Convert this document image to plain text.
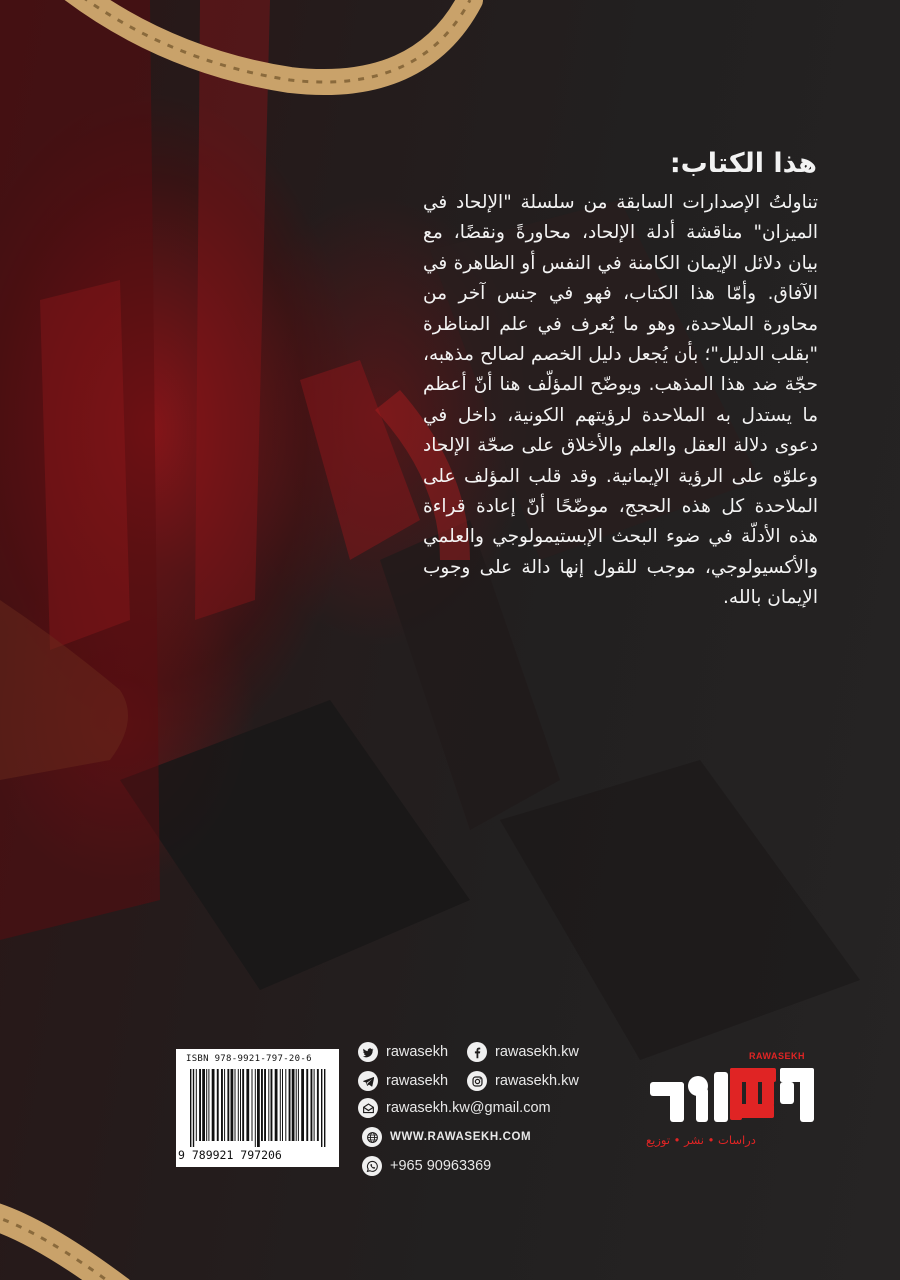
هذا الكتاب:

تناولتُ الإصدارات السابقة من سلسلة "الإلحاد في الميزان" مناقشة أدلة الإلحاد، محاورةً ونقضًا، مع بيان دلائل الإيمان الكامنة في النفس أو الظاهرة في الآفاق. وأمّا هذا الكتاب، فهو في جنس آخر من محاورة الملاحدة، وهو ما يُعرف في علم المناظرة "بقلب الدليل"؛ بأن يُجعل دليل الخصم لصالح مذهبه، حجّة ضد هذا المذهب. ويوضّح المؤلّف هنا أنّ أعظم ما يستدل به الملاحدة لرؤيتهم الكونية، داخل في دعوى دلالة العقل والعلم والأخلاق على صحّة الإلحاد وعلوّه على الرؤية الإيمانية. وقد قلب المؤلف على الملاحدة كل هذه الحجج، موضّحًا أنّ إعادة قراءة هذه الأدلّة في ضوء البحث الإبستيمولوجي والعلمي والأكسيولوجي، موجب للقول إنها دالة على وجوب الإيمان بالله.

ISBN 978-9921-797-20-6
9 789921 797206
rawasekh	rawasekh.kw
rawasekh	rawasekh.kw
rawasekh.kw@gmail.com
WWW.RAWASEKH.COM
+965 90963369
RAWASEKH
دراسات • نشر • توزيع
